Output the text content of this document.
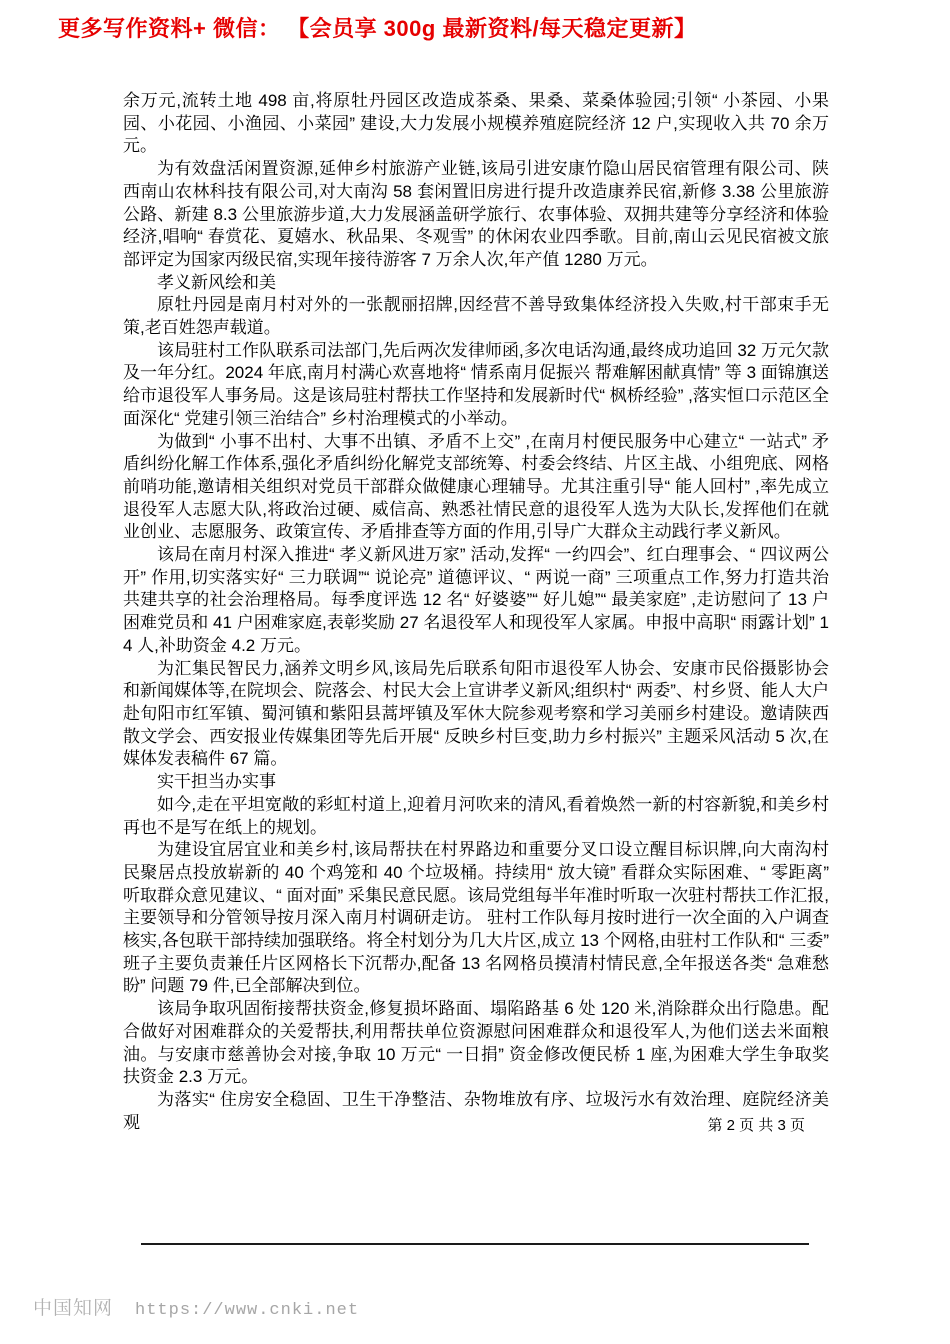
更多写作资料+ 微信： 【会员享 300g 最新资料/每天稳定更新】

余万元,流转土地 498 亩,将原牡丹园区改造成茶桑、果桑、菜桑体验园;引领“ 小茶园、小果园、小花园、小渔园、小菜园” 建设,大力发展小规模养殖庭院经济 12 户,实现收入共 70 余万元。

为有效盘活闲置资源,延伸乡村旅游产业链,该局引进安康竹隐山居民宿管理有限公司、陕西南山农林科技有限公司,对大南沟 58 套闲置旧房进行提升改造康养民宿,新修 3.38 公里旅游公路、新建 8.3 公里旅游步道,大力发展涵盖研学旅行、农事体验、双拥共建等分享经济和体验经济,唱响“ 春赏花、夏嬉水、秋品果、冬观雪” 的休闲农业四季歌。目前,南山云见民宿被文旅部评定为国家丙级民宿,实现年接待游客 7 万余人次,年产值 1280 万元。

孝义新风绘和美

原牡丹园是南月村对外的一张靓丽招牌,因经营不善导致集体经济投入失败,村干部束手无策,老百姓怨声载道。

该局驻村工作队联系司法部门,先后两次发律师函,多次电话沟通,最终成功追回 32 万元欠款及一年分红。2024 年底,南月村满心欢喜地将“ 情系南月促振兴 帮难解困献真情” 等 3 面锦旗送给市退役军人事务局。这是该局驻村帮扶工作坚持和发展新时代“ 枫桥经验” ,落实恒口示范区全面深化“ 党建引领三治结合” 乡村治理模式的小举动。

为做到“ 小事不出村、大事不出镇、矛盾不上交” ,在南月村便民服务中心建立“ 一站式” 矛盾纠纷化解工作体系,强化矛盾纠纷化解党支部统筹、村委会终结、片区主战、小组兜底、网格前哨功能,邀请相关组织对党员干部群众做健康心理辅导。尤其注重引导“ 能人回村” ,率先成立退役军人志愿大队,将政治过硬、威信高、熟悉社情民意的退役军人选为大队长,发挥他们在就业创业、志愿服务、政策宣传、矛盾排查等方面的作用,引导广大群众主动践行孝义新风。

该局在南月村深入推进“ 孝义新风进万家” 活动,发挥“ 一约四会”、红白理事会、“ 四议两公开” 作用,切实落实好“ 三力联调”“ 说论亮” 道德评议、“ 两说一商” 三项重点工作,努力打造共治共建共享的社会治理格局。每季度评选 12 名“ 好婆婆”“ 好儿媳”“ 最美家庭” ,走访慰问了 13 户困难党员和 41 户困难家庭,表彰奖励 27 名退役军人和现役军人家属。申报中高职“ 雨露计划” 14 人,补助资金 4.2 万元。

为汇集民智民力,涵养文明乡风,该局先后联系旬阳市退役军人协会、安康市民俗摄影协会和新闻媒体等,在院坝会、院落会、村民大会上宣讲孝义新风;组织村“ 两委”、村乡贤、能人大户赴旬阳市红军镇、蜀河镇和紫阳县蒿坪镇及军休大院参观考察和学习美丽乡村建设。邀请陕西散文学会、西安报业传媒集团等先后开展“ 反映乡村巨变,助力乡村振兴” 主题采风活动 5 次,在媒体发表稿件 67 篇。

实干担当办实事

如今,走在平坦宽敞的彩虹村道上,迎着月河吹来的清风,看着焕然一新的村容新貌,和美乡村再也不是写在纸上的规划。

为建设宜居宜业和美乡村,该局帮扶在村界路边和重要分叉口设立醒目标识牌,向大南沟村民聚居点投放崭新的 40 个鸡笼和 40 个垃圾桶。持续用“ 放大镜” 看群众实际困难、“ 零距离” 听取群众意见建议、“ 面对面” 采集民意民愿。该局党组每半年准时听取一次驻村帮扶工作汇报,主要领导和分管领导按月深入南月村调研走访。 驻村工作队每月按时进行一次全面的入户调查核实,各包联干部持续加强联络。将全村划分为几大片区,成立 13 个网格,由驻村工作队和“ 三委” 班子主要负责兼任片区网格长下沉帮办,配备 13 名网格员摸清村情民意,全年报送各类“ 急难愁盼” 问题 79 件,已全部解决到位。

该局争取巩固衔接帮扶资金,修复损坏路面、塌陷路基 6 处 120 米,消除群众出行隐患。配合做好对困难群众的关爱帮扶,利用帮扶单位资源慰问困难群众和退役军人,为他们送去米面粮油。与安康市慈善协会对接,争取 10 万元“ 一日捐” 资金修改便民桥 1 座,为困难大学生争取奖扶资金 2.3 万元。

为落实“ 住房安全稳固、卫生干净整洁、杂物堆放有序、垃圾污水有效治理、庭院经济美观	第 2 页 共 3 页
中国知网 https://www.cnki.net
